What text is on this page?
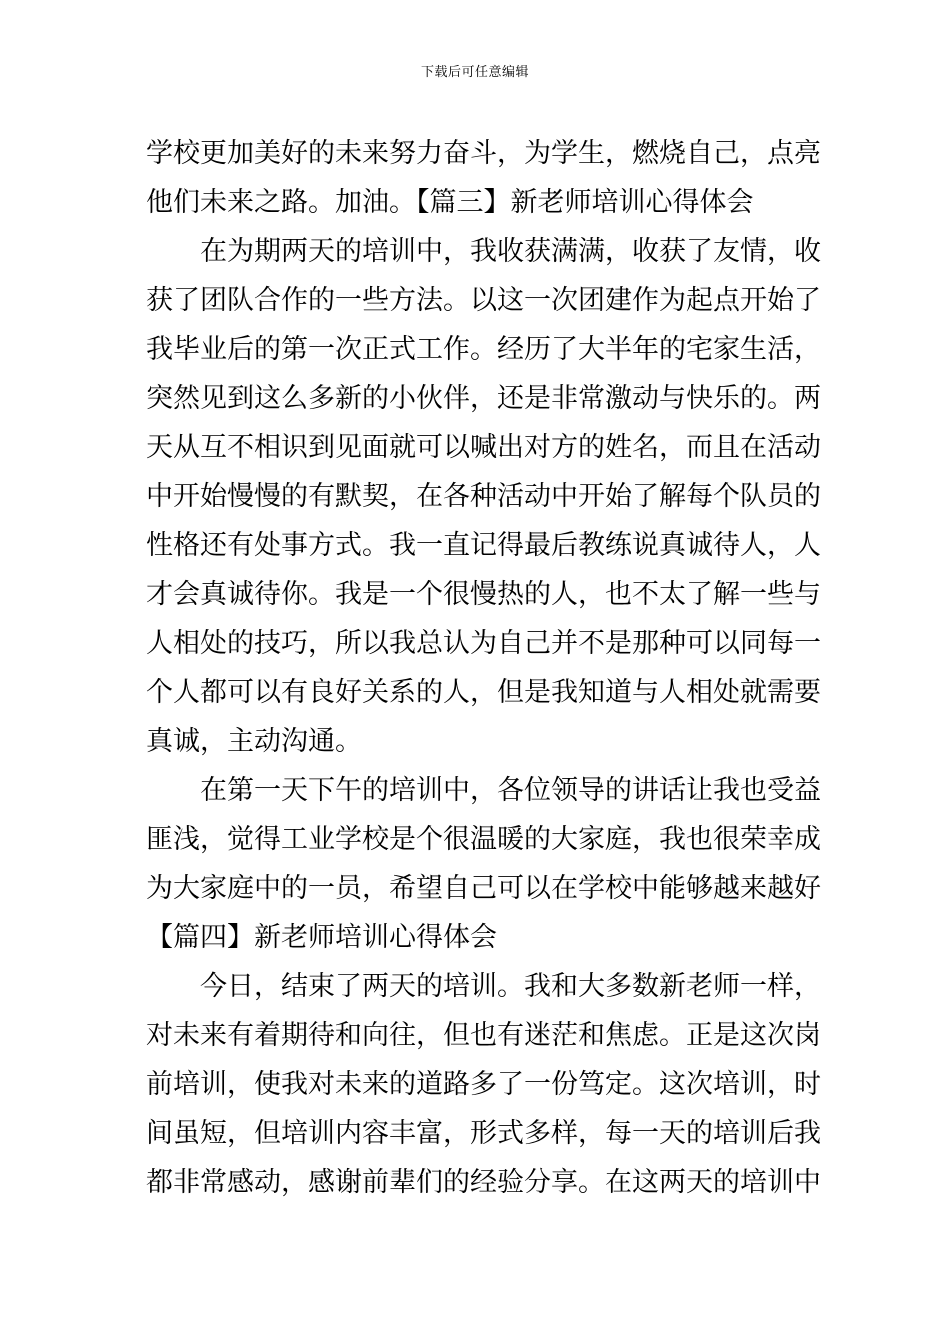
下载后可任意编辑
学校更加美好的未来努力奋斗，为学生，燃烧自己，点亮
他们未来之路。加油。【篇三】新老师培训心得体会
在为期两天的培训中，我收获满满，收获了友情，收
获了团队合作的一些方法。以这一次团建作为起点开始了
我毕业后的第一次正式工作。经历了大半年的宅家生活，
突然见到这么多新的小伙伴，还是非常激动与快乐的。两
天从互不相识到见面就可以喊出对方的姓名，而且在活动
中开始慢慢的有默契，在各种活动中开始了解每个队员的
性格还有处事方式。我一直记得最后教练说真诚待人，人
才会真诚待你。我是一个很慢热的人，也不太了解一些与
人相处的技巧，所以我总认为自己并不是那种可以同每一
个人都可以有良好关系的人，但是我知道与人相处就需要
真诚，主动沟通。
在第一天下午的培训中，各位领导的讲话让我也受益
匪浅，觉得工业学校是个很温暖的大家庭，我也很荣幸成
为大家庭中的一员，希望自己可以在学校中能够越来越好
【篇四】新老师培训心得体会
今日，结束了两天的培训。我和大多数新老师一样，
对未来有着期待和向往，但也有迷茫和焦虑。正是这次岗
前培训，使我对未来的道路多了一份笃定。这次培训，时
间虽短，但培训内容丰富，形式多样，每一天的培训后我
都非常感动，感谢前辈们的经验分享。在这两天的培训中
